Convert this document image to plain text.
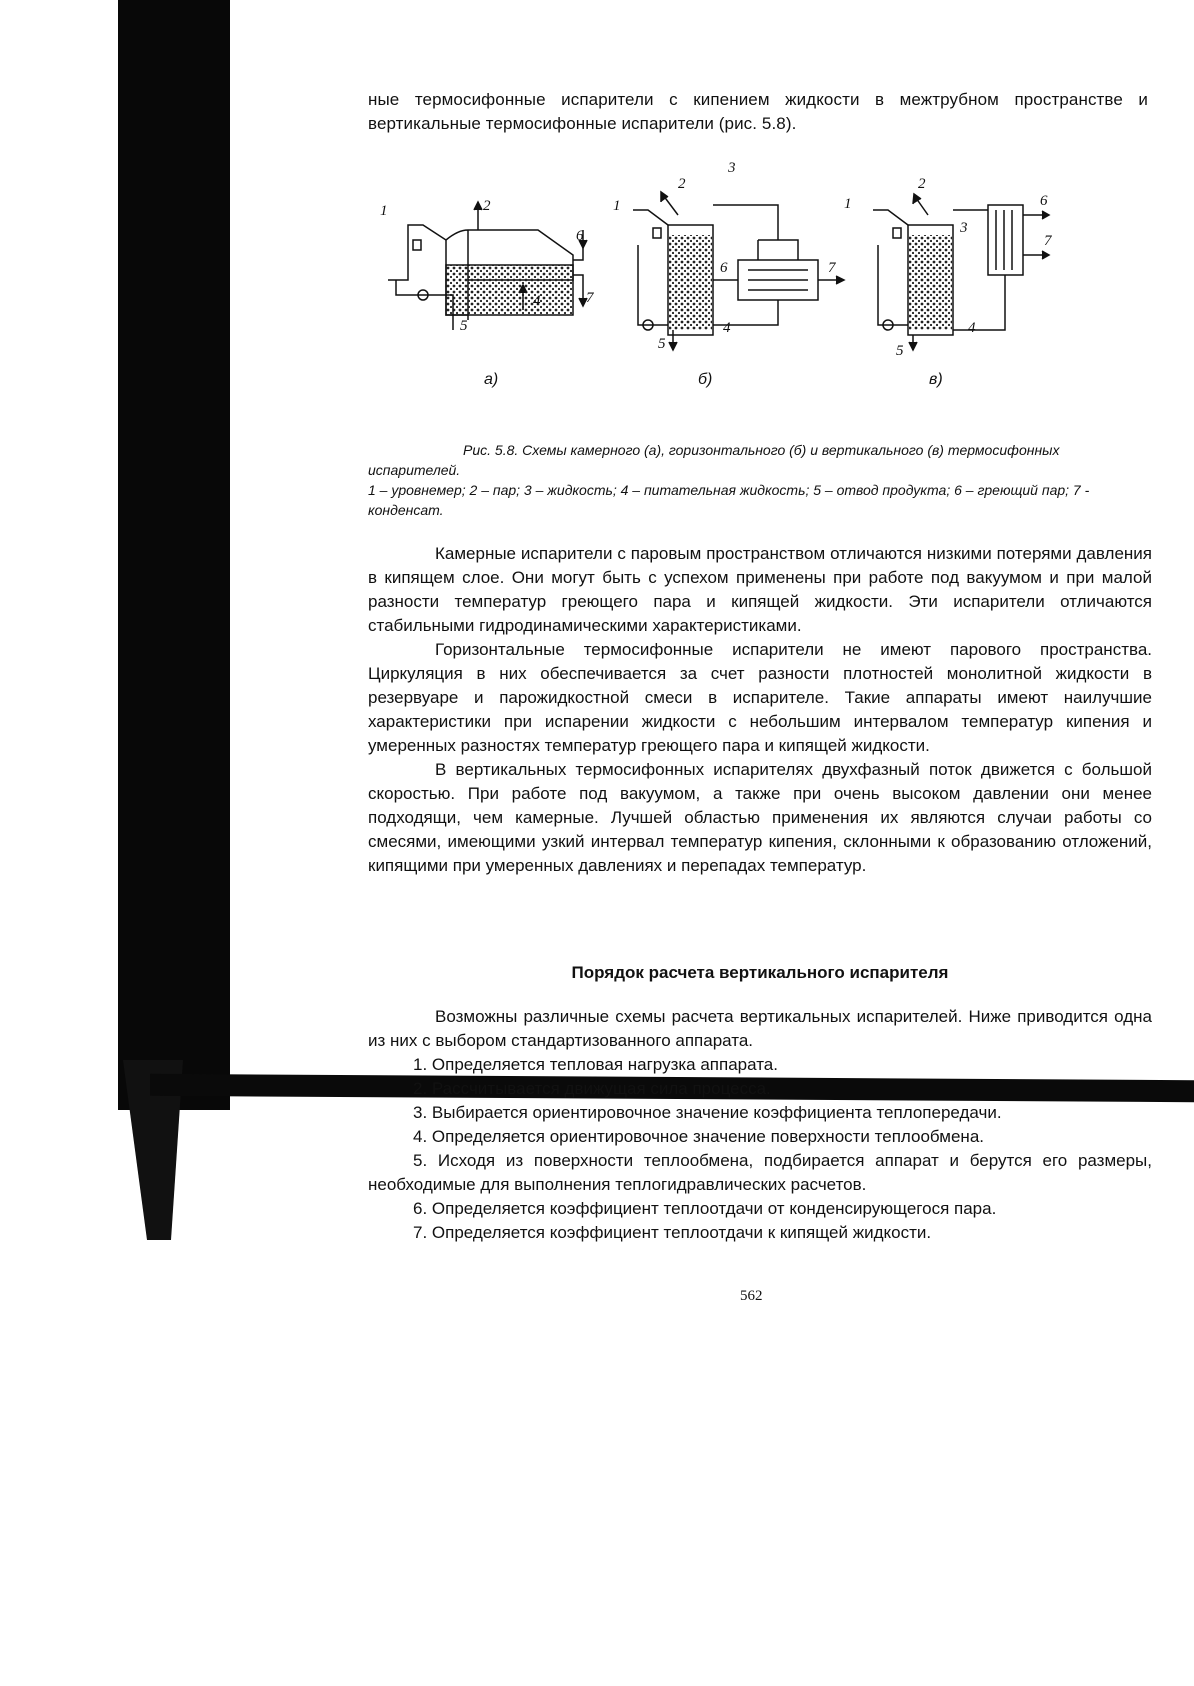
ные термосифонные испарители с кипением жидкости в межтрубном пространстве и вертикальные термосифонные испарители (рис. 5.8).

1	2
6
4	7
5
1
2
3
6	7
4
5
1
2
3
6
7
4
5
а)	б)	в)
Рис. 5.8. Схемы камерного (а), горизонтального (б) и вертикального (в) термосифонных испарителей.
1 – уровнемер; 2 – пар; 3 – жидкость; 4 – питательная жидкость; 5 – отвод продукта; 6 – греющий пар; 7 - конденсат.

Камерные испарители с паровым пространством отличаются низкими потерями давления в кипящем слое. Они могут быть с успехом применены при работе под вакуумом и при малой разности температур греющего пара и кипящей жидкости. Эти испарители отличаются стабильными гидродинамическими характеристиками.

Горизонтальные термосифонные испарители не имеют парового пространства. Циркуляция в них обеспечивается за счет разности плотностей монолитной жидкости в резервуаре и парожидкостной смеси в испарителе. Такие аппараты имеют наилучшие характеристики при испарении жидкости с небольшим интервалом температур кипения и умеренных разностях температур греющего пара и кипящей жидкости.

В вертикальных термосифонных испарителях двухфазный поток движется с большой скоростью. При работе под вакуумом, а также при очень высоком давлении они менее подходящи, чем камерные. Лучшей областью применения их являются случаи работы со смесями, имеющими узкий интервал температур кипения, склонными к образованию отложений, кипящими при умеренных давлениях и перепадах температур.

Порядок расчета вертикального испарителя

Возможны различные схемы расчета вертикальных испарителей. Ниже приводится одна из них с выбором стандартизованного аппарата.

1. Определяется тепловая нагрузка аппарата.
2. Рассчитывается движущая сила процесса.
3. Выбирается ориентировочное значение коэффициента теплопередачи.
4. Определяется ориентировочное значение поверхности теплообмена.
5. Исходя из поверхности теплообмена, подбирается аппарат и берутся его размеры, необходимые для выполнения теплогидравлических расчетов.
6. Определяется коэффициент теплоотдачи от конденсирующегося пара.
7. Определяется коэффициент теплоотдачи к кипящей жидкости.
562
